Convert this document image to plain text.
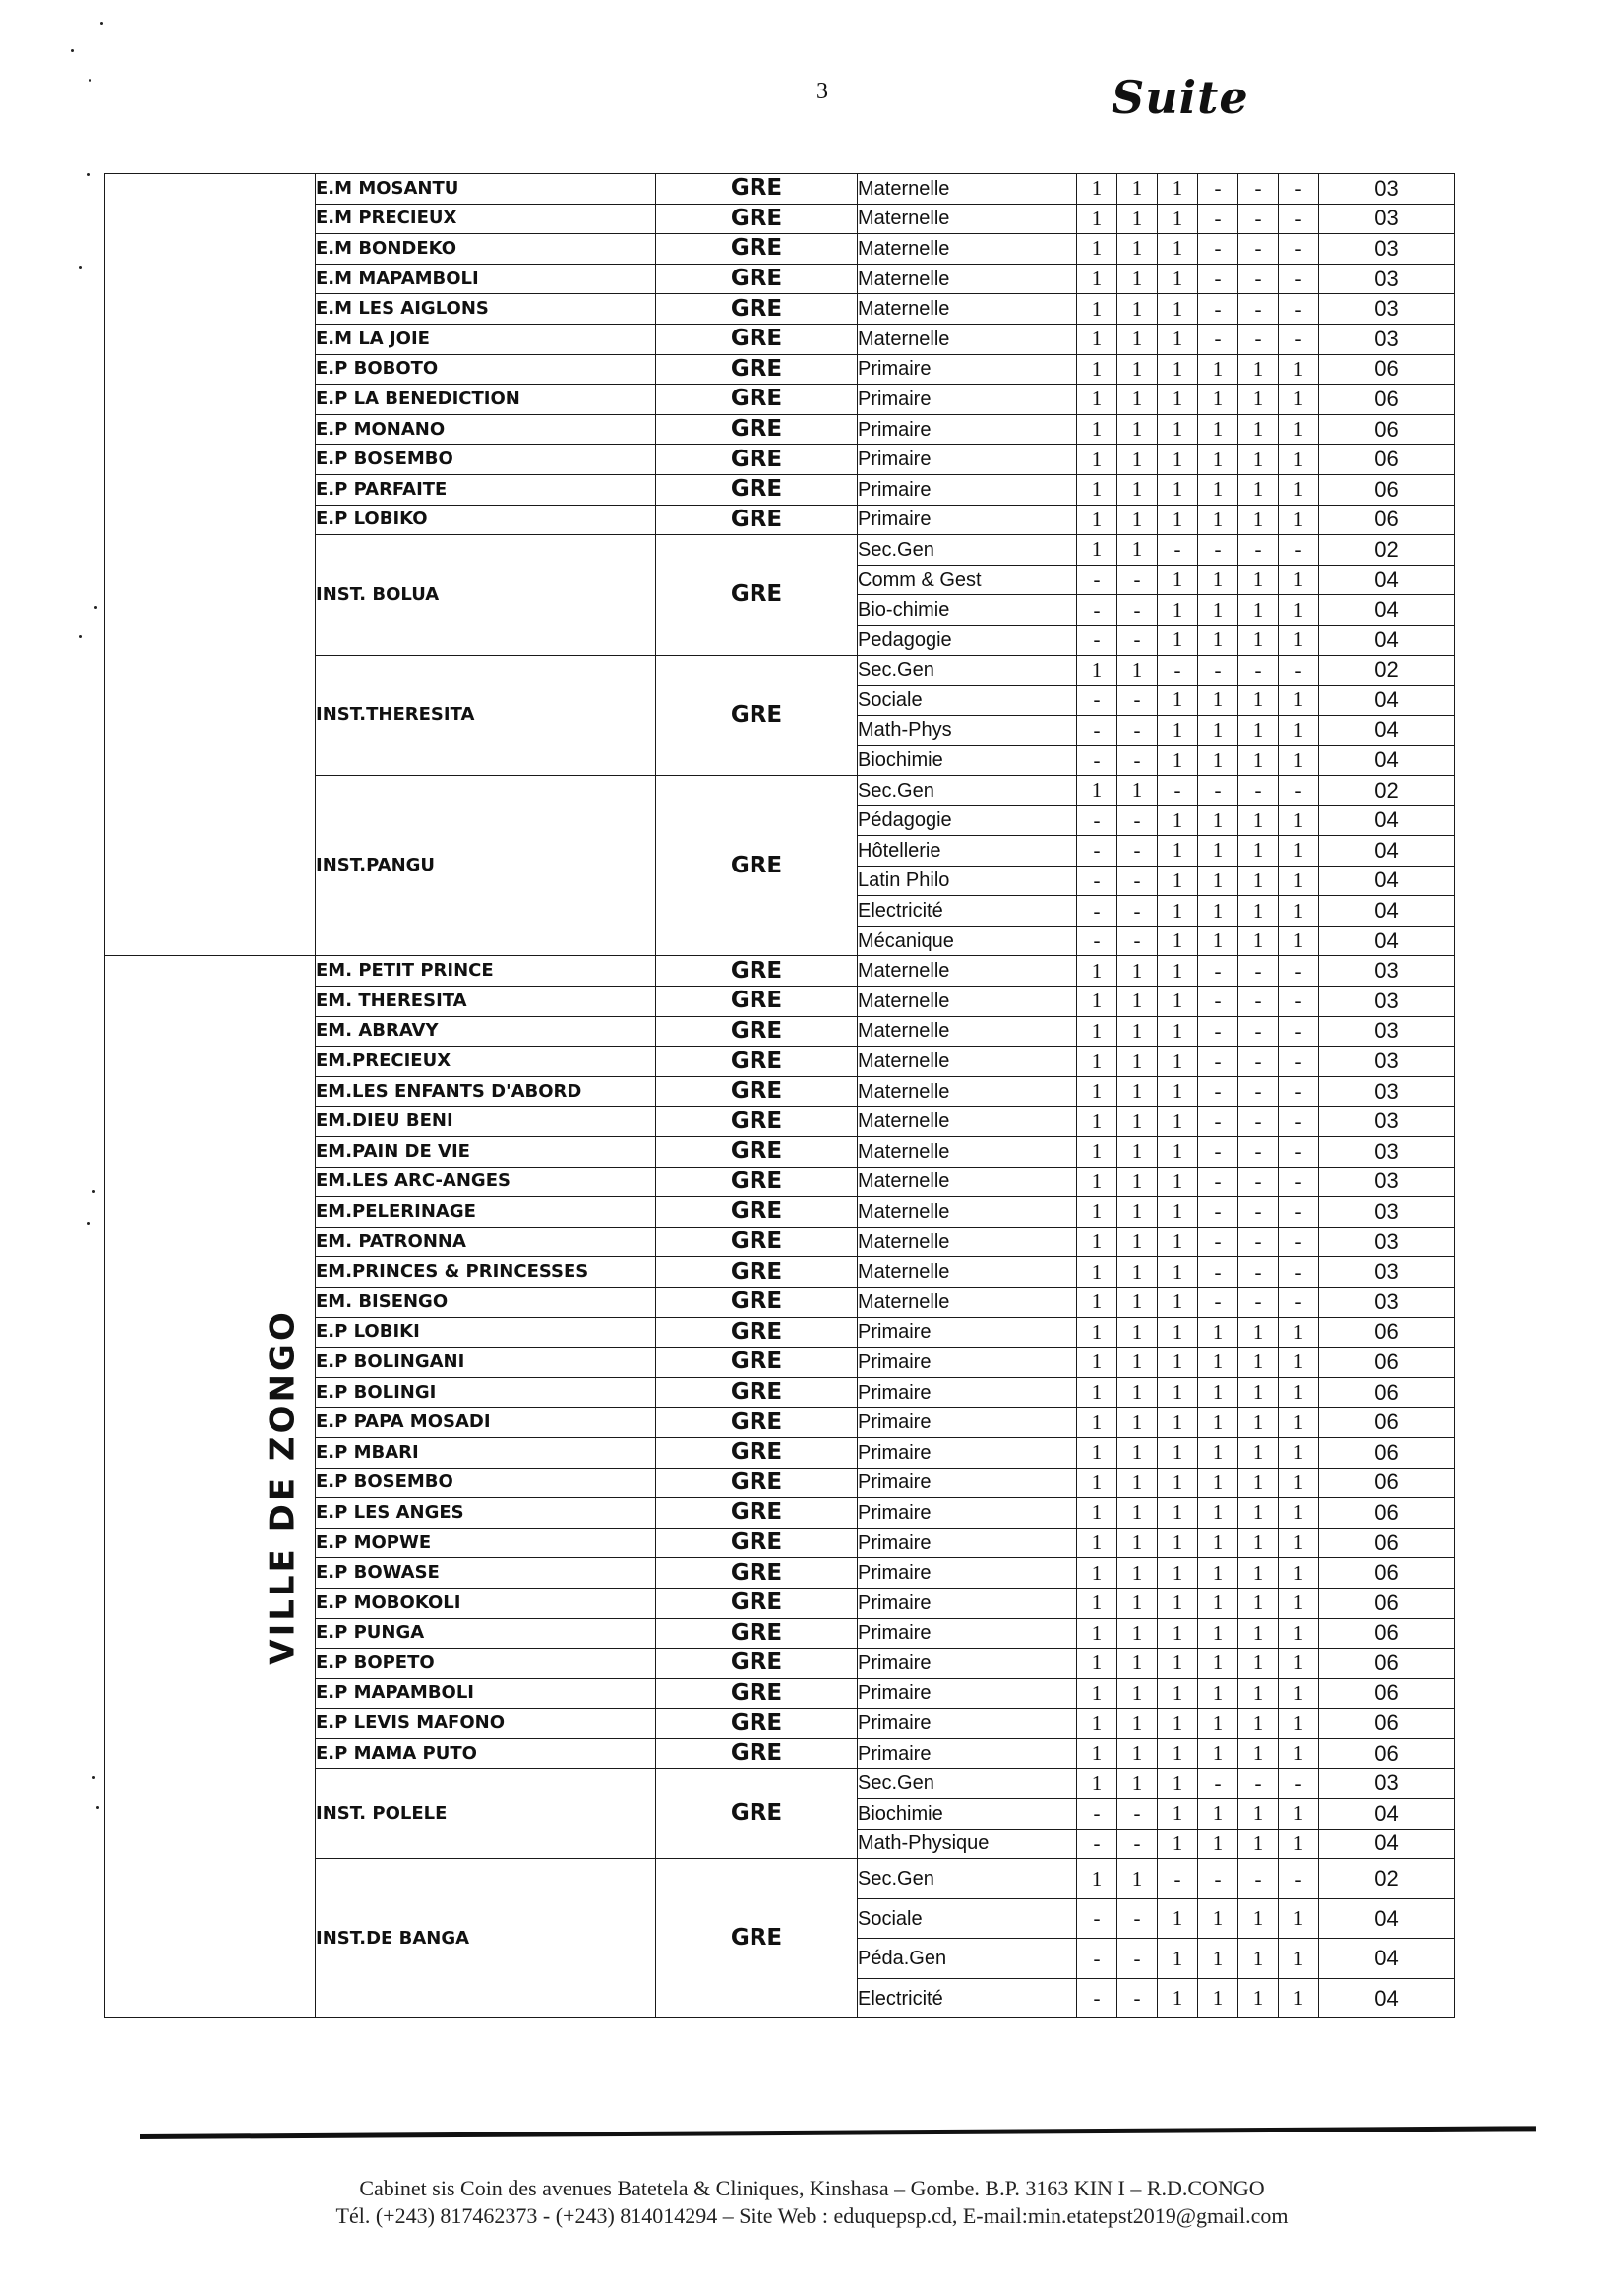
3	Suite
	E.M MOSANTU	GRE	Maternelle	1	1	1	-	-	-	03
	E.M PRECIEUX	GRE	Maternelle	1	1	1	-	-	-	03
	E.M BONDEKO	GRE	Maternelle	1	1	1	-	-	-	03
	E.M MAPAMBOLI	GRE	Maternelle	1	1	1	-	-	-	03
	E.M LES AIGLONS	GRE	Maternelle	1	1	1	-	-	-	03
	E.M LA JOIE	GRE	Maternelle	1	1	1	-	-	-	03
	E.P BOBOTO	GRE	Primaire	1	1	1	1	1	1	06
	E.P LA BENEDICTION	GRE	Primaire	1	1	1	1	1	1	06
	E.P MONANO	GRE	Primaire	1	1	1	1	1	1	06
	E.P BOSEMBO	GRE	Primaire	1	1	1	1	1	1	06
	E.P PARFAITE	GRE	Primaire	1	1	1	1	1	1	06
	E.P LOBIKO	GRE	Primaire	1	1	1	1	1	1	06
	INST. BOLUA	GRE	Sec.Gen	1	1	-	-	-	-	02
			Comm & Gest	-	-	1	1	1	1	04
			Bio-chimie	-	-	1	1	1	1	04
			Pedagogie	-	-	1	1	1	1	04
	INST.THERESITA	GRE	Sec.Gen	1	1	-	-	-	-	02
			Sociale	-	-	1	1	1	1	04
			Math-Phys	-	-	1	1	1	1	04
			Biochimie	-	-	1	1	1	1	04
	INST.PANGU	GRE	Sec.Gen	1	1	-	-	-	-	02
			Pédagogie	-	-	1	1	1	1	04
			Hôtellerie	-	-	1	1	1	1	04
			Latin Philo	-	-	1	1	1	1	04
			Electricité	-	-	1	1	1	1	04
			Mécanique	-	-	1	1	1	1	04
VILLE DE ZONGO	EM. PETIT PRINCE	GRE	Maternelle	1	1	1	-	-	-	03
	EM. THERESITA	GRE	Maternelle	1	1	1	-	-	-	03
	EM. ABRAVY	GRE	Maternelle	1	1	1	-	-	-	03
	EM.PRECIEUX	GRE	Maternelle	1	1	1	-	-	-	03
	EM.LES ENFANTS D'ABORD	GRE	Maternelle	1	1	1	-	-	-	03
	EM.DIEU BENI	GRE	Maternelle	1	1	1	-	-	-	03
	EM.PAIN DE VIE	GRE	Maternelle	1	1	1	-	-	-	03
	EM.LES ARC-ANGES	GRE	Maternelle	1	1	1	-	-	-	03
	EM.PELERINAGE	GRE	Maternelle	1	1	1	-	-	-	03
	EM. PATRONNA	GRE	Maternelle	1	1	1	-	-	-	03
	EM.PRINCES & PRINCESSES	GRE	Maternelle	1	1	1	-	-	-	03
	EM. BISENGO	GRE	Maternelle	1	1	1	-	-	-	03
	E.P LOBIKI	GRE	Primaire	1	1	1	1	1	1	06
	E.P BOLINGANI	GRE	Primaire	1	1	1	1	1	1	06
	E.P BOLINGI	GRE	Primaire	1	1	1	1	1	1	06
	E.P PAPA MOSADI	GRE	Primaire	1	1	1	1	1	1	06
	E.P MBARI	GRE	Primaire	1	1	1	1	1	1	06
	E.P BOSEMBO	GRE	Primaire	1	1	1	1	1	1	06
	E.P LES ANGES	GRE	Primaire	1	1	1	1	1	1	06
	E.P MOPWE	GRE	Primaire	1	1	1	1	1	1	06
	E.P BOWASE	GRE	Primaire	1	1	1	1	1	1	06
	E.P MOBOKOLI	GRE	Primaire	1	1	1	1	1	1	06
	E.P PUNGA	GRE	Primaire	1	1	1	1	1	1	06
	E.P BOPETO	GRE	Primaire	1	1	1	1	1	1	06
	E.P MAPAMBOLI	GRE	Primaire	1	1	1	1	1	1	06
	E.P LEVIS MAFONO	GRE	Primaire	1	1	1	1	1	1	06
	E.P MAMA PUTO	GRE	Primaire	1	1	1	1	1	1	06
	INST. POLELE	GRE	Sec.Gen	1	1	1	-	-	-	03
			Biochimie	-	-	1	1	1	1	04
			Math-Physique	-	-	1	1	1	1	04
	INST.DE BANGA	GRE	Sec.Gen	1	1	-	-	-	-	02
			Sociale	-	-	1	1	1	1	04
			Péda.Gen	-	-	1	1	1	1	04
			Electricité	-	-	1	1	1	1	04
Cabinet sis Coin des avenues Batetela & Cliniques, Kinshasa – Gombe. B.P. 3163 KIN I – R.D.CONGO
Tél. (+243) 817462373 - (+243) 814014294 – Site Web : eduquepsp.cd, E-mail:min.etatepst2019@gmail.com
